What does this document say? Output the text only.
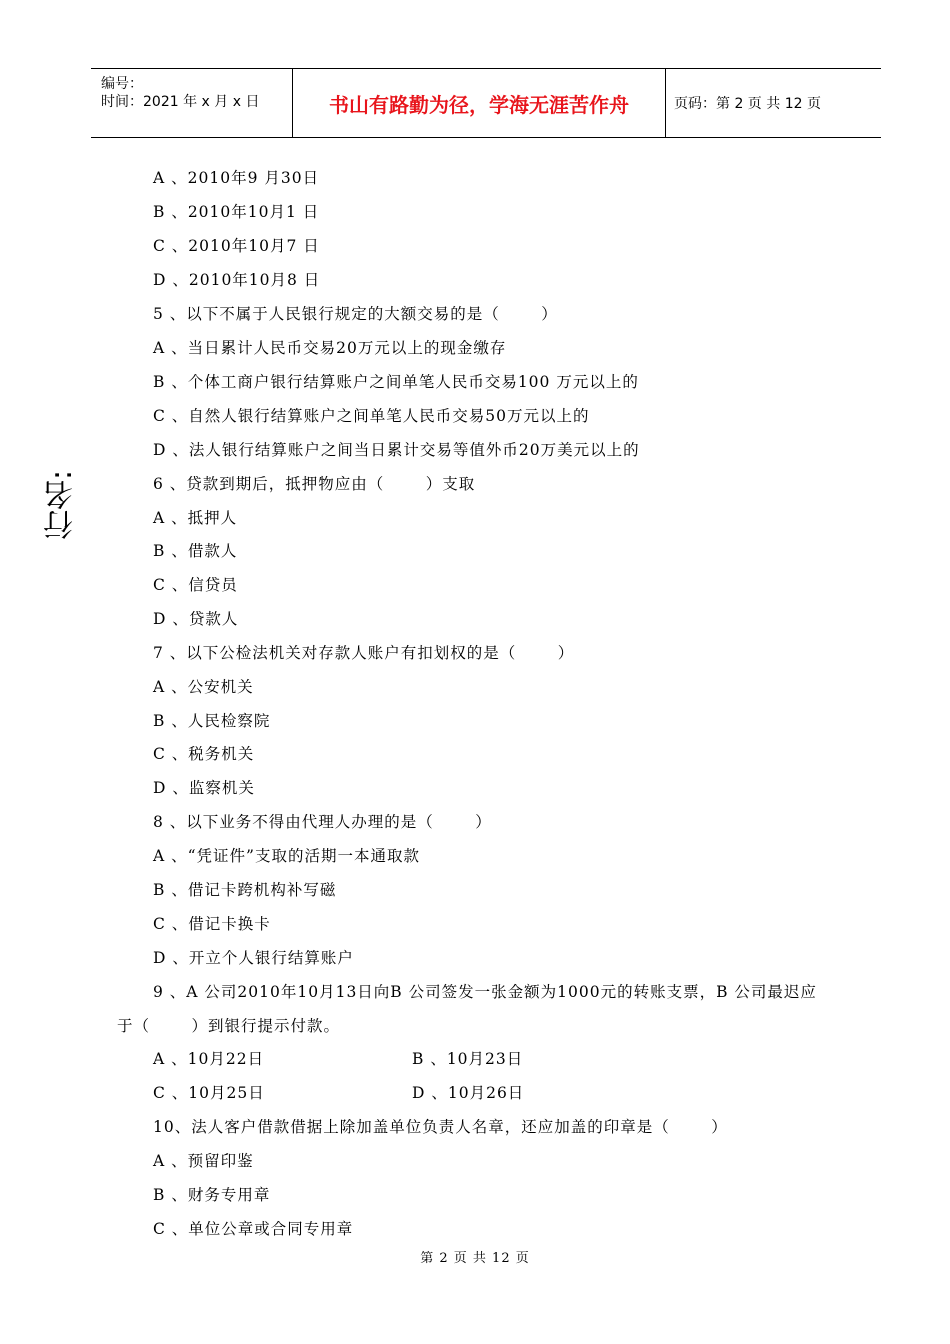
编号：
时间：2021 年 x 月 x 日	书山有路勤为径，学海无涯苦作舟	页码：第 2 页 共 12 页
行名:
A 、2010年9 月30日
B 、2010年10月1 日
C 、2010年10月7 日
D 、2010年10月8 日
5 、以下不属于人民银行规定的大额交易的是（       ）
A 、当日累计人民币交易20万元以上的现金缴存
B 、个体工商户银行结算账户之间单笔人民币交易100 万元以上的
C 、自然人银行结算账户之间单笔人民币交易50万元以上的
D 、法人银行结算账户之间当日累计交易等值外币20万美元以上的
6 、贷款到期后，抵押物应由（       ）支取
A 、抵押人
B 、借款人
C 、信贷员
D 、贷款人
7 、以下公检法机关对存款人账户有扣划权的是（       ）
A 、公安机关
B 、人民检察院
C 、税务机关
D 、监察机关
8 、以下业务不得由代理人办理的是（       ）
A 、“凭证件”支取的活期一本通取款
B 、借记卡跨机构补写磁
C 、借记卡换卡
D 、开立个人银行结算账户
9 、A 公司2010年10月13日向B 公司签发一张金额为1000元的转账支票，B 公司最迟应
于（       ）到银行提示付款。
A 、10月22日	B 、10月23日
C 、10月25日	D 、10月26日
10、法人客户借款借据上除加盖单位负责人名章，还应加盖的印章是（       ）
A 、预留印鉴
B 、财务专用章
C 、单位公章或合同专用章
第 2 页 共 12 页
